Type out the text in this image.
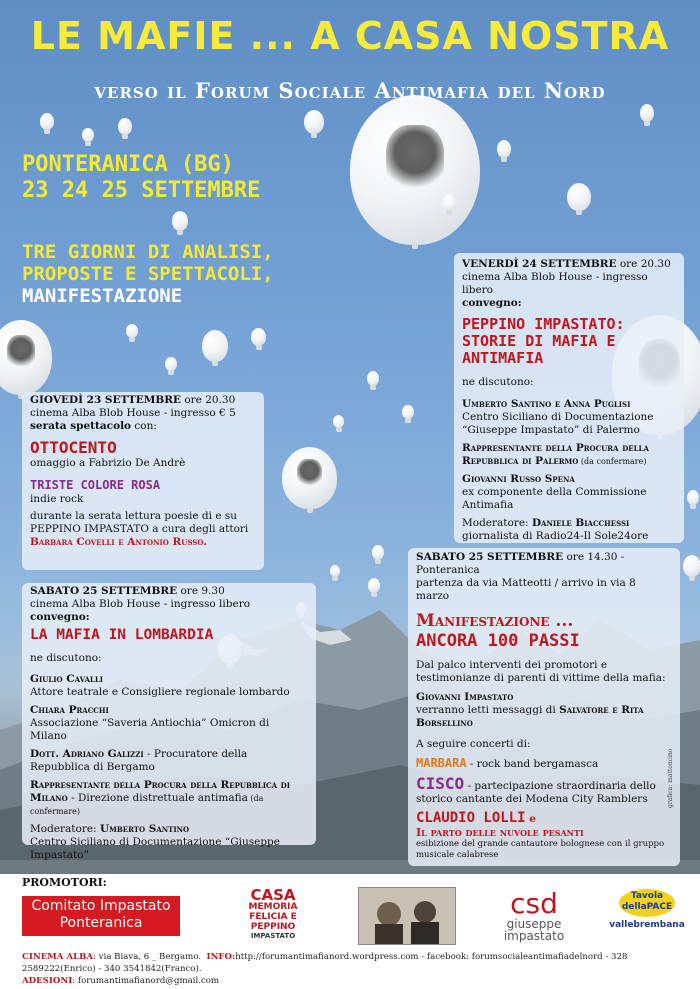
LE MAFIE ... A CASA NOSTRA
verso il Forum Sociale Antimafia del Nord
PONTERANICA (BG)
23 24 25 SETTEMBRE
TRE GIORNI DI ANALISI,
PROPOSTE E SPETTACOLI,
MANIFESTAZIONE

VENERDÌ 24 SETTEMBRE ore 20.30

cinema Alba Blob House - ingresso libero

convegno:

PEPPINO IMPASTATO:
STORIE DI MAFIA E
ANTIMAFIA

ne discutono:

Umberto Santino e Anna Puglisi

Centro Siciliano di Documentazione “Giuseppe Impastato” di Palermo

Rappresentante della Procura della Repubblica di Palermo (da confermare)

Giovanni Russo Spena

ex componente della Commissione Antimafia

Moderatore: Daniele Biacchessi

giornalista di Radio24-Il Sole24ore

GIOVEDÌ 23 SETTEMBRE ore 20.30

cinema Alba Blob House - ingresso € 5

serata spettacolo con:

OTTOCENTO

omaggio a Fabrizio De Andrè

TRISTE COLORE ROSA

indie rock

durante la serata lettura poesie di e su PEPPINO IMPASTATO a cura degli attori

Barbara Covelli e Antonio Russo.

SABATO 25 SETTEMBRE ore 9.30

cinema Alba Blob House - ingresso libero

convegno:

LA MAFIA IN LOMBARDIA

ne discutono:

Giulio Cavalli

Attore teatrale e Consigliere regionale lombardo

Chiara Pracchi

Associazione “Saveria Antiochia” Omicron di Milano

Dott. Adriano Galizzi - Procuratore della Repubblica di Bergamo

Rappresentante della Procura della Repubblica di Milano - Direzione distrettuale antimafia (da confermare)

Moderatore: Umberto Santino

Centro Siciliano di Documentazione “Giuseppe Impastato”

SABATO 25 SETTEMBRE ore 14.30 - Ponteranica

partenza da via Matteotti / arrivo in via 8 marzo

Manifestazione ...
ANCORA 100 PASSI

Dal palco interventi dei promotori e testimonianze di parenti di vittime della mafia:

Giovanni Impastato

verranno letti messaggi di Salvatore e Rita Borsellino

A seguire concerti di:

MARBARA - rock band bergamasca

CISCO - partecipazione straordinaria dello storico cantante dei Modena City Ramblers

CLAUDIO LOLLI e

Il parto delle nuvole pesanti

esibizione del grande cantautore bolognese con il gruppo musicale calabrese

grafica: mattoncino
PROMOTORI:
Comitato Impastato
Ponteranica
CASA
MEMORIA
FELICIA E
PEPPINO
IMPASTATO
csd
giuseppe
impastato
Tavola
dellaPACE
vallebrembana

CINEMA ALBA: via Biava, 6 _ Bergamo. INFO:http://forumantimafianord.wordpress.com - facebook: forumsocialeantimafiadelnord - 328 2589222(Enrico) - 340 3541842(Franco).

ADESIONI: forumantimafianord@gmail.com
